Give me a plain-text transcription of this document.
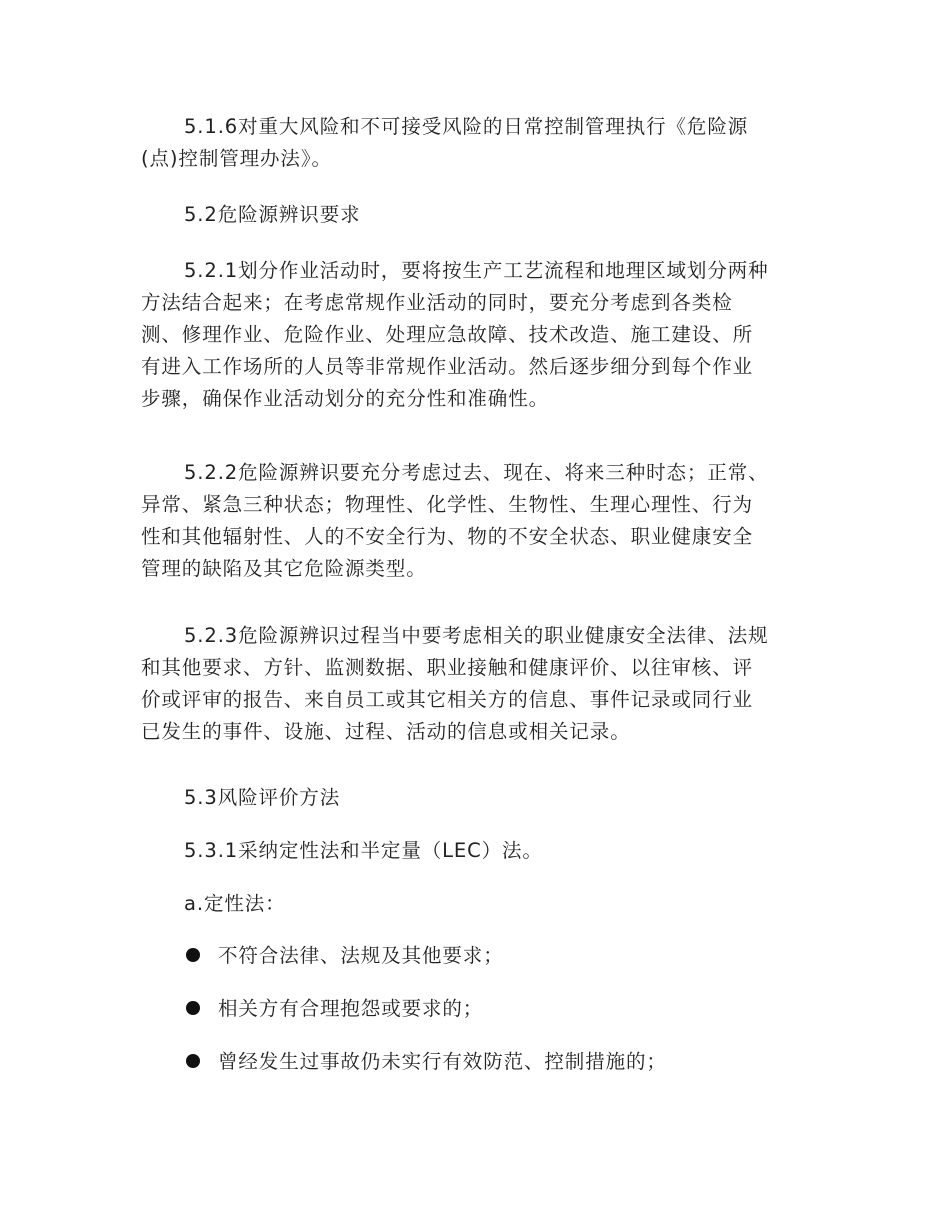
5.1.6对重大风险和不可接受风险的日常控制管理执行《危险源
(点)控制管理办法》。

5.2危险源辨识要求

5.2.1划分作业活动时，要将按生产工艺流程和地理区域划分两种
方法结合起来；在考虑常规作业活动的同时，要充分考虑到各类检
测、修理作业、危险作业、处理应急故障、技术改造、施工建设、所
有进入工作场所的人员等非常规作业活动。然后逐步细分到每个作业
步骤，确保作业活动划分的充分性和准确性。

5.2.2危险源辨识要充分考虑过去、现在、将来三种时态；正常、
异常、紧急三种状态；物理性、化学性、生物性、生理心理性、行为
性和其他辐射性、人的不安全行为、物的不安全状态、职业健康安全
管理的缺陷及其它危险源类型。

5.2.3危险源辨识过程当中要考虑相关的职业健康安全法律、法规
和其他要求、方针、监测数据、职业接触和健康评价、以往审核、评
价或评审的报告、来自员工或其它相关方的信息、事件记录或同行业
已发生的事件、设施、过程、活动的信息或相关记录。

5.3风险评价方法

5.3.1采纳定性法和半定量（LEC）法。

a.定性法：

不符合法律、法规及其他要求；
相关方有合理抱怨或要求的；
曾经发生过事故仍未实行有效防范、控制措施的；
